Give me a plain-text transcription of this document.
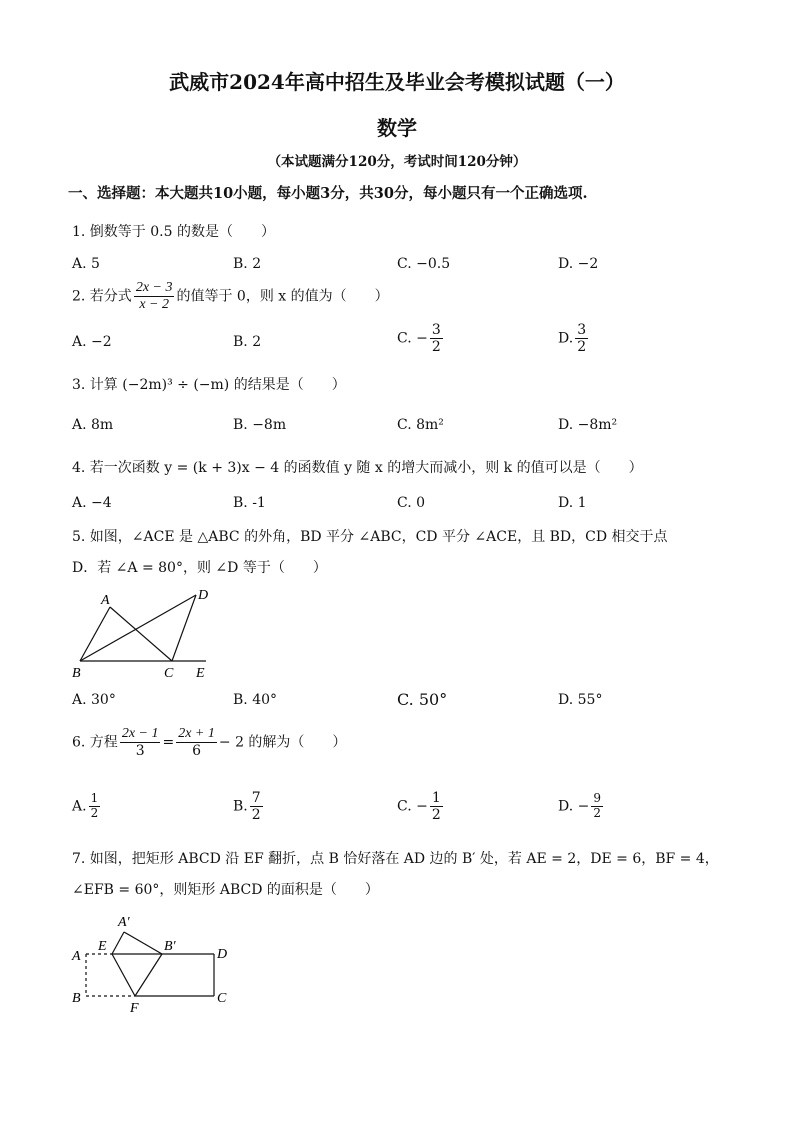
武威市2024年高中招生及毕业会考模拟试题（一）
数学
（本试题满分120分，考试时间120分钟）
一、选择题：本大题共10小题，每小题3分，共30分，每小题只有一个正确选项.
1. 倒数等于 0.5 的数是（　　）
A. 5	B. 2	C. −0.5	D. −2
2. 若分式 $\frac{2x - 3}{x - 2}$ 的值等于 0，则 x 的值为（　　）
A. −2	B. 2	C. − $\frac{3}{2}$	D. $\frac{3}{2}$
3. 计算 (−2m)³ ÷ (−m) 的结果是（　　）
A. 8m	B. −8m	C. 8m²	D. −8m²
4. 若一次函数 y = (k + 3)x − 4 的函数值 y 随 x 的增大而减小，则 k 的值可以是（　　）
A. −4	B. -1	C. 0	D. 1
5. 如图，∠ACE 是 △ABC 的外角，BD 平分 ∠ABC，CD 平分 ∠ACE，且 BD，CD 相交于点
D．若 ∠A = 80°，则 ∠D 等于（　　）
A	D
B	C E
A. 30°	B. 40°	C. 50°	D. 55°
6. 方程 $\frac{2x - 1}{3} = \frac{2x + 1}{6} - 2$ 的解为（　　）
A. $\frac{1}{2}$	B. $\frac{7}{2}$	C. − $\frac{1}{2}$	D. − $\frac{9}{2}$
7. 如图，把矩形 ABCD 沿 EF 翻折，点 B 恰好落在 AD 边的 B′ 处，若 AE = 2，DE = 6，BF = 4，
∠EFB = 60°，则矩形 ABCD 的面积是（　　）
A′
E	B′
D
A
B
F
C
